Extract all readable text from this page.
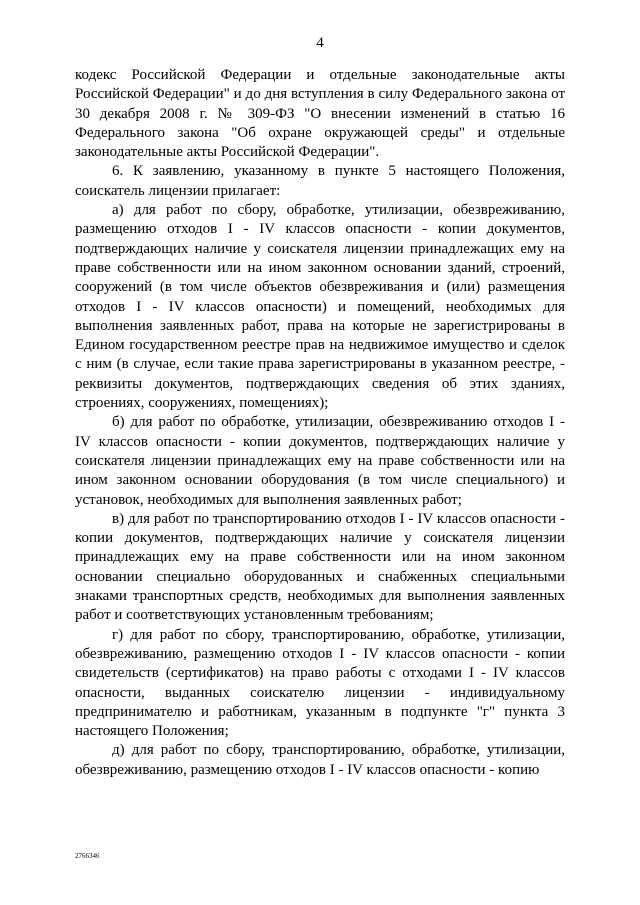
4

кодекс Российской Федерации и отдельные законодательные акты Российской Федерации" и до дня вступления в силу Федерального закона от 30 декабря 2008 г. № 309-ФЗ "О внесении изменений в статью 16 Федерального закона "Об охране окружающей среды" и отдельные законодательные акты Российской Федерации".

6. К заявлению, указанному в пункте 5 настоящего Положения, соискатель лицензии прилагает:

а) для работ по сбору, обработке, утилизации, обезвреживанию, размещению отходов I - IV классов опасности - копии документов, подтверждающих наличие у соискателя лицензии принадлежащих ему на праве собственности или на ином законном основании зданий, строений, сооружений (в том числе объектов обезвреживания и (или) размещения отходов I - IV классов опасности) и помещений, необходимых для выполнения заявленных работ, права на которые не зарегистрированы в Едином государственном реестре прав на недвижимое имущество и сделок с ним (в случае, если такие права зарегистрированы в указанном реестре, - реквизиты документов, подтверждающих сведения об этих зданиях, строениях, сооружениях, помещениях);

б) для работ по обработке, утилизации, обезвреживанию отходов I - IV классов опасности - копии документов, подтверждающих наличие у соискателя лицензии принадлежащих ему на праве собственности или на ином законном основании оборудования (в том числе специального) и установок, необходимых для выполнения заявленных работ;

в) для работ по транспортированию отходов I - IV классов опасности - копии документов, подтверждающих наличие у соискателя лицензии принадлежащих ему на праве собственности или на ином законном основании специально оборудованных и снабженных специальными знаками транспортных средств, необходимых для выполнения заявленных работ и соответствующих установленным требованиям;

г) для работ по сбору, транспортированию, обработке, утилизации, обезвреживанию, размещению отходов I - IV классов опасности - копии свидетельств (сертификатов) на право работы с отходами I - IV классов опасности, выданных соискателю лицензии - индивидуальному предпринимателю и работникам, указанным в подпункте "г" пункта 3 настоящего Положения;

д) для работ по сбору, транспортированию, обработке, утилизации, обезвреживанию, размещению отходов I - IV классов опасности - копию

2766346
